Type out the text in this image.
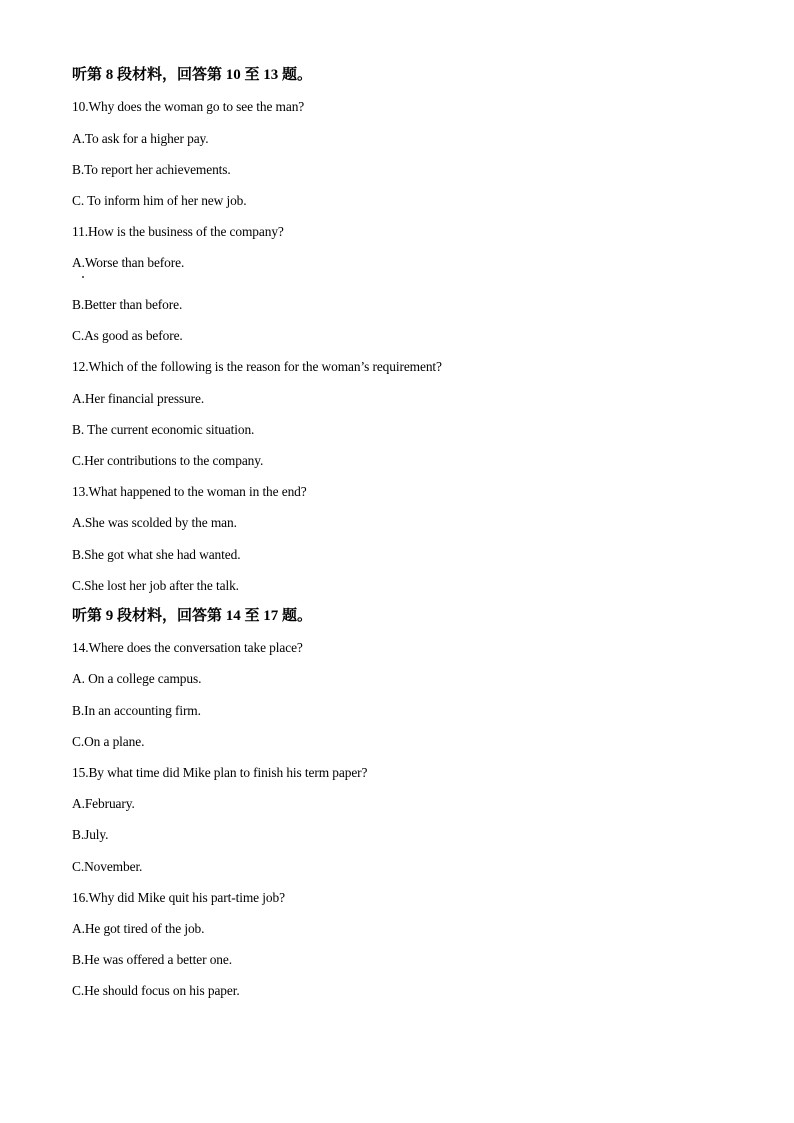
听第 8 段材料，回答第 10 至 13 题。
10.Why does the woman go to see the man?
A.To ask for a higher pay.
B.To report her achievements.
C. To inform him of her new job.
11.How is the business of the company?
A.Worse than before.
B.Better than before.
C.As good as before.
12.Which of the following is the reason for the woman’s requirement?
A.Her financial pressure.
B. The current economic situation.
C.Her contributions to the company.
13.What happened to the woman in the end?
A.She was scolded by the man.
B.She got what she had wanted.
C.She lost her job after the talk.
听第 9 段材料，回答第 14 至 17 题。
14.Where does the conversation take place?
A. On a college campus.
B.In an accounting firm.
C.On a plane.
15.By what time did Mike plan to finish his term paper?
A.February.
B.July.
C.November.
16.Why did Mike quit his part-time job?
A.He got tired of the job.
B.He was offered a better one.
C.He should focus on his paper.
